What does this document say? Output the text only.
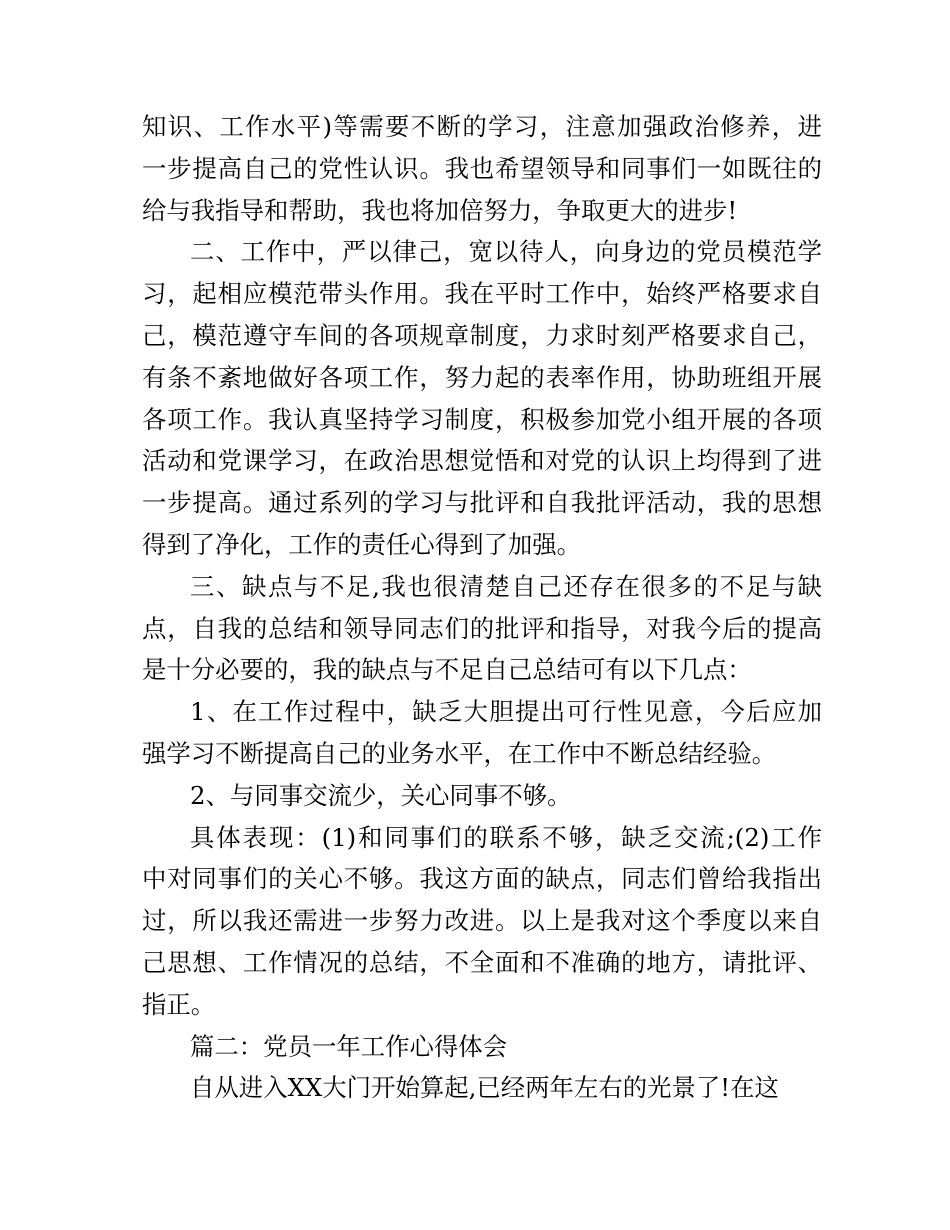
知识、工作水平)等需要不断的学习，注意加强政治修养，进
一步提高自己的党性认识。我也希望领导和同事们一如既往的
给与我指导和帮助，我也将加倍努力，争取更大的进步!
二、工作中，严以律己，宽以待人，向身边的党员模范学
习，起相应模范带头作用。我在平时工作中，始终严格要求自
己，模范遵守车间的各项规章制度，力求时刻严格要求自己，
有条不紊地做好各项工作，努力起的表率作用，协助班组开展
各项工作。我认真坚持学习制度，积极参加党小组开展的各项
活动和党课学习，在政治思想觉悟和对党的认识上均得到了进
一步提高。通过系列的学习与批评和自我批评活动，我的思想
得到了净化，工作的责任心得到了加强。
三、缺点与不足,我也很清楚自己还存在很多的不足与缺
点，自我的总结和领导同志们的批评和指导，对我今后的提高
是十分必要的，我的缺点与不足自己总结可有以下几点：
1、在工作过程中，缺乏大胆提出可行性见意，今后应加
强学习不断提高自己的业务水平，在工作中不断总结经验。
2、与同事交流少，关心同事不够。
具体表现：(1)和同事们的联系不够，缺乏交流;(2)工作
中对同事们的关心不够。我这方面的缺点，同志们曾给我指出
过，所以我还需进一步努力改进。以上是我对这个季度以来自
己思想、工作情况的总结，不全面和不准确的地方，请批评、
指正。
篇二：党员一年工作心得体会
自从进入XX大门开始算起,已经两年左右的光景了!在这
